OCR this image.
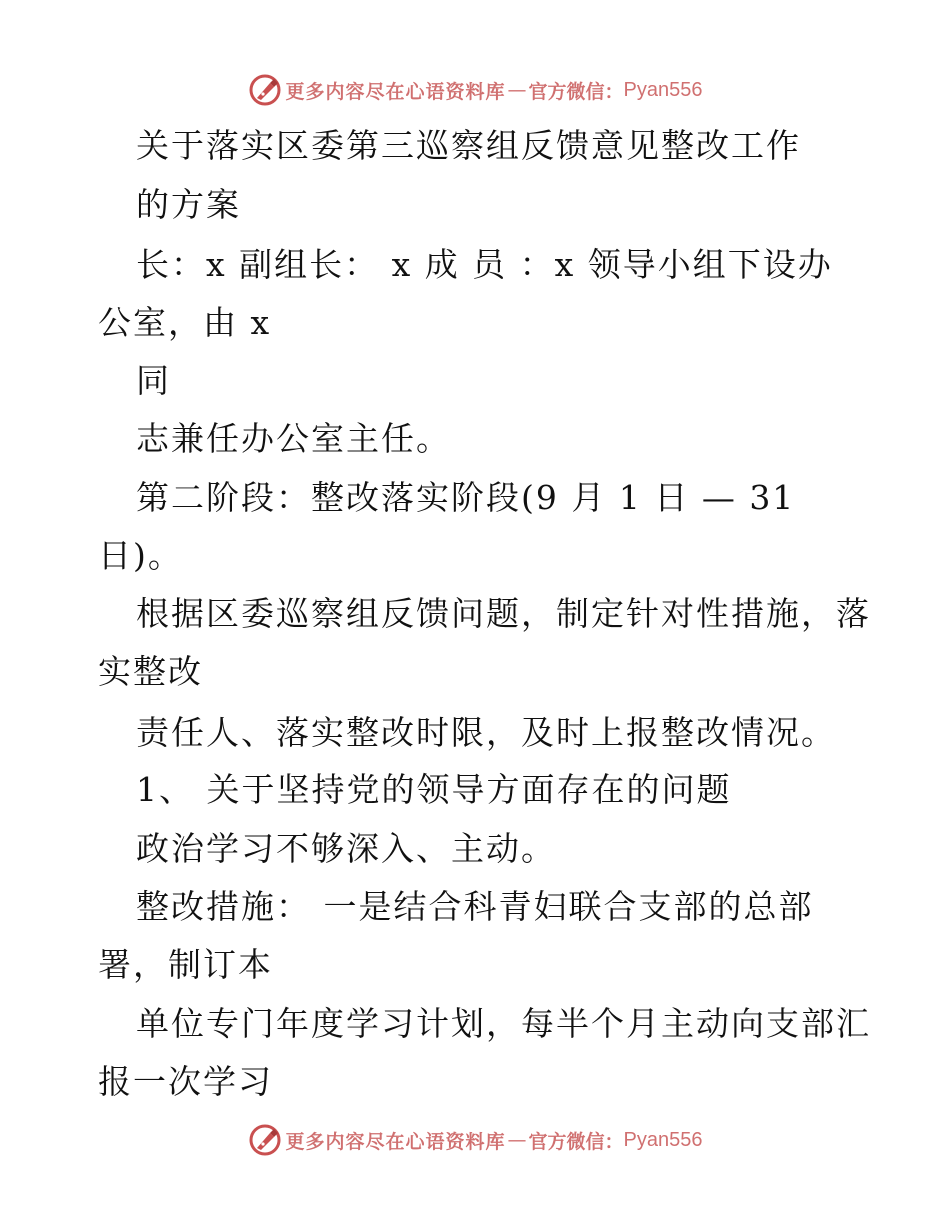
更多内容尽在心语资料库 — 官方微信： Pyan556
关于落实区委第三巡察组反馈意见整改工作
的方案
长：x 副组长： x 成 员 ：x 领导小组下设办
公室，由 x
同
志兼任办公室主任。
第二阶段：整改落实阶段(9 月 1 日 — 31
日)。
根据区委巡察组反馈问题，制定针对性措施，落
实整改
责任人、落实整改时限，及时上报整改情况。
1、 关于坚持党的领导方面存在的问题
政治学习不够深入、主动。
整改措施： 一是结合科青妇联合支部的总部
署，制订本
单位专门年度学习计划，每半个月主动向支部汇
报一次学习
更多内容尽在心语资料库 — 官方微信： Pyan556
